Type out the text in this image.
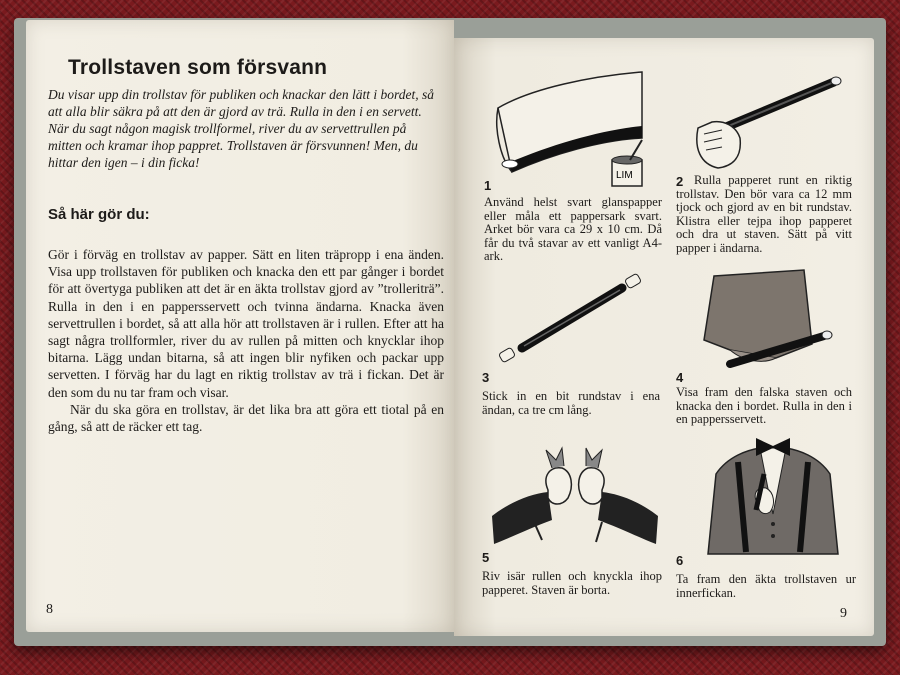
Trollstaven som försvann

Du visar upp din trollstav för publiken och knackar den lätt i bordet, så att alla blir säkra på att den är gjord av trä. Rulla in den i en servett. När du sagt någon magisk trollformel, river du av servettrullen på mitten och kramar ihop pappret. Trollstaven är försvunnen! Men, du hittar den igen – i din ficka!

Så här gör du:

Gör i förväg en trollstav av papper. Sätt en liten träpropp i ena änden. Visa upp trollstaven för publiken och knacka den ett par gånger i bordet för att övertyga publiken att det är en äkta trollstav gjord av ”trolleriträ”. Rulla in den i en pappersservett och tvinna ändarna. Knacka även servettrullen i bordet, så att alla hör att trollstaven är i rullen. Efter att ha sagt några trollformler, river du av rullen på mitten och knycklar ihop bitarna. Lägg undan bitarna, så att ingen blir nyfiken och packar upp servetten. I förväg har du lagt en riktig trollstav av trä i fickan. Det är den som du nu tar fram och visar.

När du ska göra en trollstav, är det lika bra att göra ett tiotal på en gång, så att de räcker ett tag.

8
LIM
1

Använd helst svart glanspapper eller måla ett pappersark svart. Arket bör vara ca 29 x 10 cm. Då får du två stavar av ett vanligt A4-ark.

2 Rulla papperet runt en riktig trollstav. Den bör vara ca 12 mm tjock och gjord av en bit rundstav. Klistra eller tejpa ihop papperet och dra ut staven. Sätt på vitt papper i ändarna.

3

Stick in en bit rundstav i ena ändan, ca tre cm lång.

4

Visa fram den falska staven och knacka den i bordet. Rulla in den i en pappersservett.

5

Riv isär rullen och knyckla ihop papperet. Staven är borta.

6

Ta fram den äkta trollstaven ur innerfickan.

9
